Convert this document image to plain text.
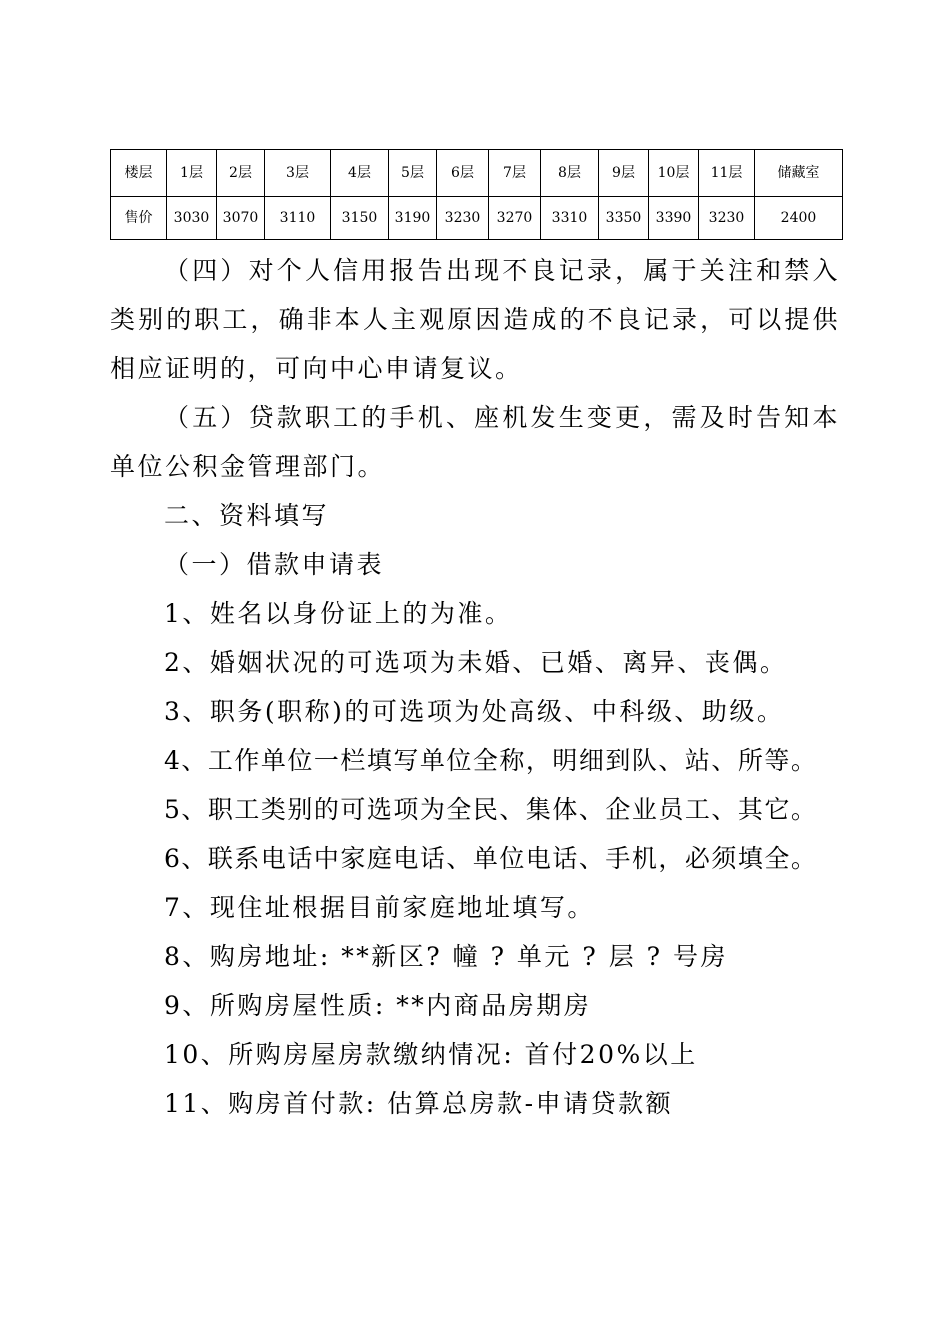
楼层	1层	2层	3层	4层	5层	6层	7层	8层	9层	10层	11层	储藏室
售价	3030	3070	3110	3150	3190	3230	3270	3310	3350	3390	3230	2400

（四）对个人信用报告出现不良记录，属于关注和禁入类别的职工，确非本人主观原因造成的不良记录，可以提供相应证明的，可向中心申请复议。

（五）贷款职工的手机、座机发生变更，需及时告知本单位公积金管理部门。

二、资料填写

（一）借款申请表

1、姓名以身份证上的为准。

2、婚姻状况的可选项为未婚、已婚、离异、丧偶。

3、职务(职称)的可选项为处高级、中科级、助级。

4、工作单位一栏填写单位全称，明细到队、站、所等。

5、职工类别的可选项为全民、集体、企业员工、其它。

6、联系电话中家庭电话、单位电话、手机，必须填全。

7、现住址根据目前家庭地址填写。

8、购房地址: **新区? 幢 ? 单元 ? 层 ? 号房

9、所购房屋性质: **内商品房期房

10、所购房屋房款缴纳情况: 首付20%以上

11、购房首付款: 估算总房款-申请贷款额
